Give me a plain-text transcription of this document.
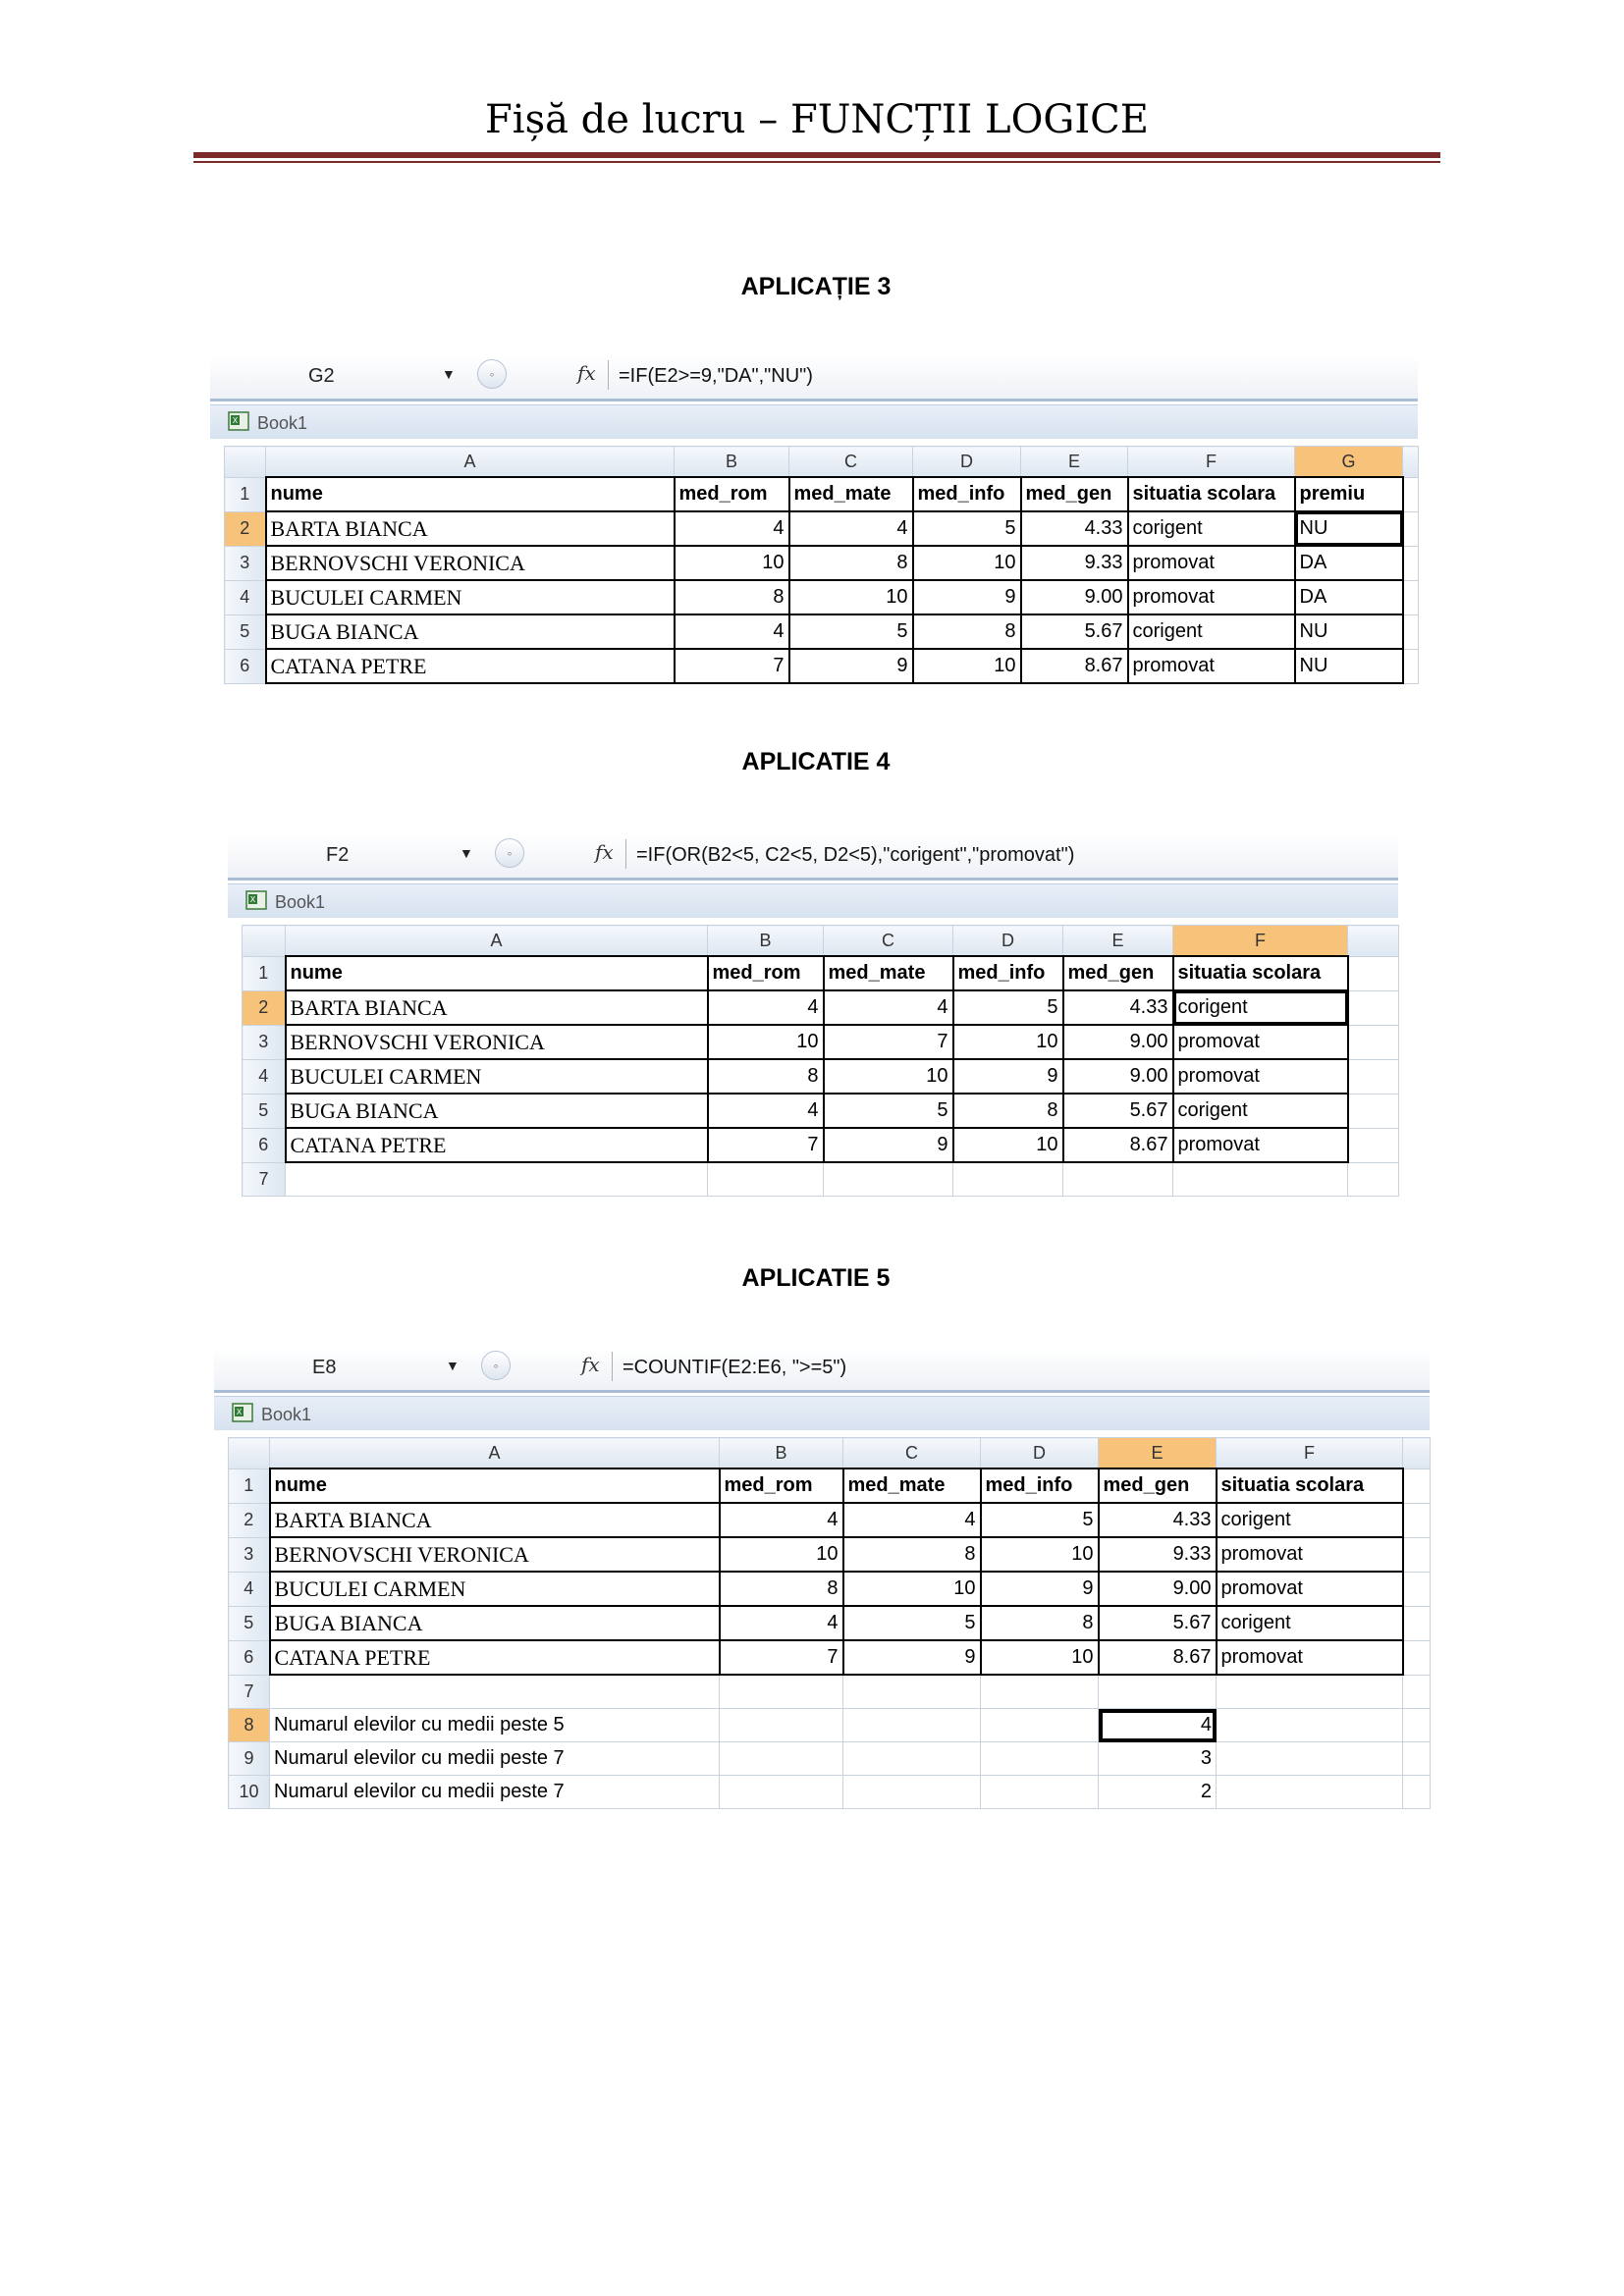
Fișă de lucru – FUNCȚII LOGICE
APLICAȚIE 3
G2	▼	◦	fx =IF(E2>=9,"DA","NU")
X Book1
	A	B	C	D	E	F	G	
1	nume	med_rom	med_mate	med_info	med_gen	situatia scolara	premiu	
2	BARTA BIANCA	4	4	5	4.33	corigent	NU	
3	BERNOVSCHI VERONICA	10	8	10	9.33	promovat	DA	
4	BUCULEI CARMEN	8	10	9	9.00	promovat	DA	
5	BUGA BIANCA	4	5	8	5.67	corigent	NU	
6	CATANA PETRE	7	9	10	8.67	promovat	NU	
APLICATIE 4
F2	▼	◦	fx =IF(OR(B2<5, C2<5, D2<5),"corigent","promovat")
X Book1
	A	B	C	D	E	F	
1	nume	med_rom	med_mate	med_info	med_gen	situatia scolara	
2	BARTA BIANCA	4	4	5	4.33	corigent	
3	BERNOVSCHI VERONICA	10	7	10	9.00	promovat	
4	BUCULEI CARMEN	8	10	9	9.00	promovat	
5	BUGA BIANCA	4	5	8	5.67	corigent	
6	CATANA PETRE	7	9	10	8.67	promovat	
7							
APLICATIE 5
E8	▼	◦	fx =COUNTIF(E2:E6, ">=5")
X Book1
	A	B	C	D	E	F	
1	nume	med_rom	med_mate	med_info	med_gen	situatia scolara	
2	BARTA BIANCA	4	4	5	4.33	corigent	
3	BERNOVSCHI VERONICA	10	8	10	9.33	promovat	
4	BUCULEI CARMEN	8	10	9	9.00	promovat	
5	BUGA BIANCA	4	5	8	5.67	corigent	
6	CATANA PETRE	7	9	10	8.67	promovat	
7							
8	Numarul elevilor cu medii peste 5				4		
9	Numarul elevilor cu medii peste 7				3		
10	Numarul elevilor cu medii peste 7				2		
